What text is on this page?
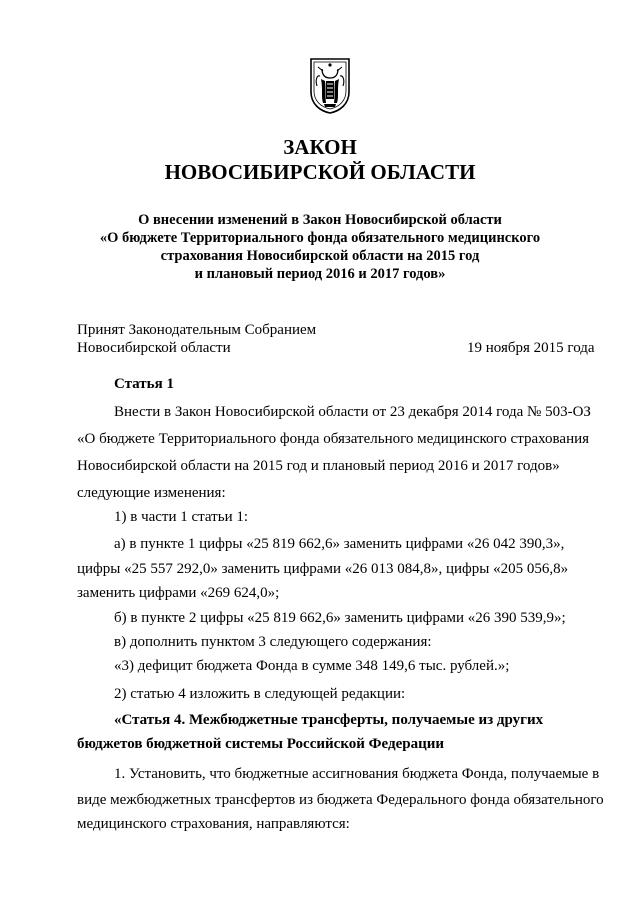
ЗАКОН
НОВОСИБИРСКОЙ ОБЛАСТИ

О внесении изменений в Закон Новосибирской области

«О бюджете Территориального фонда обязательного медицинского

страхования Новосибирской области на 2015 год

и плановый период 2016 и 2017 годов»

Принят Законодательным Собранием
Новосибирской области	19 ноября 2015 года
Статья 1
Внести в Закон Новосибирской области от 23 декабря 2014 года № 503-ОЗ
«О бюджете Территориального фонда обязательного медицинского страхования
Новосибирской области на 2015 год и плановый период 2016 и 2017 годов»
следующие изменения:
1) в части 1 статьи 1:
а) в пункте 1 цифры «25 819 662,6» заменить цифрами «26 042 390,3»,
цифры «25 557 292,0» заменить цифрами «26 013 084,8», цифры «205 056,8»
заменить цифрами «269 624,0»;
б) в пункте 2 цифры «25 819 662,6» заменить цифрами «26 390 539,9»;
в) дополнить пунктом 3 следующего содержания:
«3) дефицит бюджета Фонда в сумме 348 149,6 тыс. рублей.»;
2) статью 4 изложить в следующей редакции:
«Статья 4. Межбюджетные трансферты, получаемые из других
бюджетов бюджетной системы Российской Федерации
1. Установить, что бюджетные ассигнования бюджета Фонда, получаемые в
виде межбюджетных трансфертов из бюджета Федерального фонда обязательного
медицинского страхования, направляются:
